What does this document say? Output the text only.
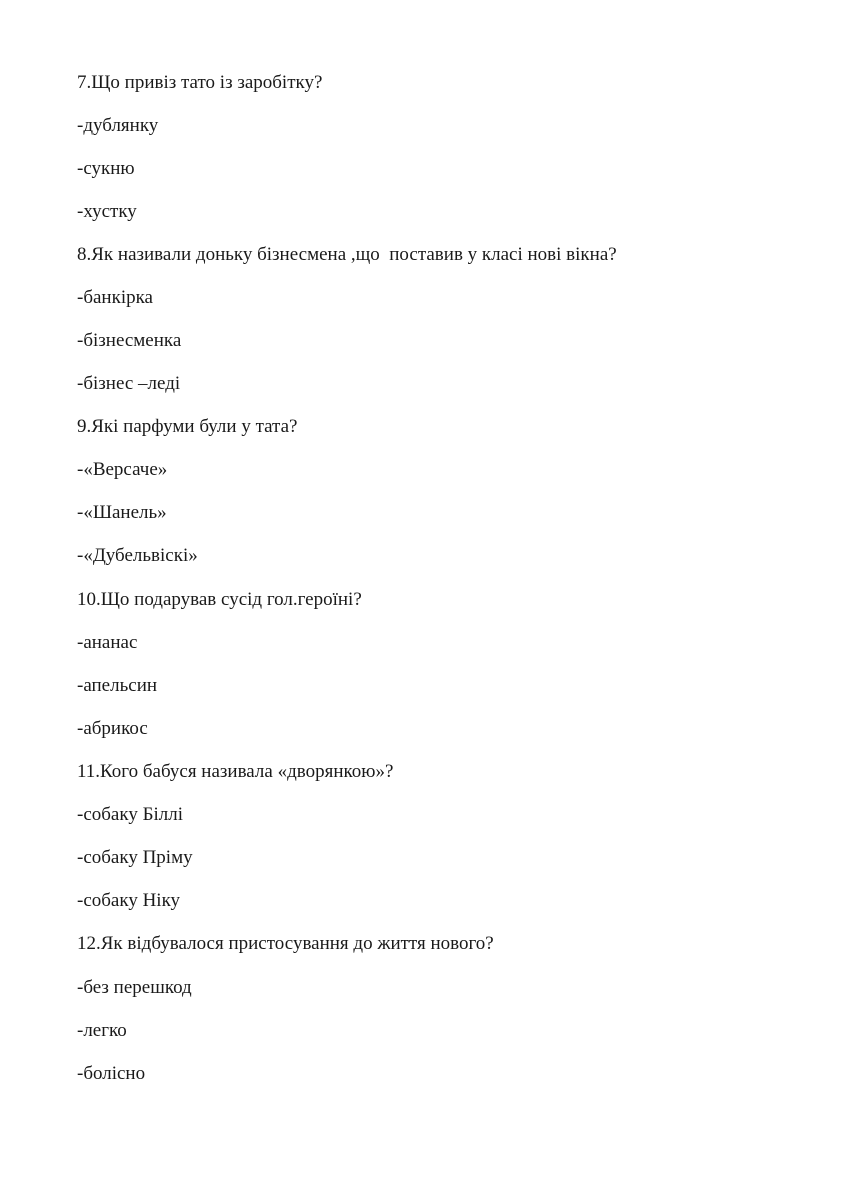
7.Що привіз тато із заробітку?

-дублянку

-сукню

-хустку

8.Як називали доньку бізнесмена ,що  поставив у класі нові вікна?

-банкірка

-бізнесменка

-бізнес –леді

9.Які парфуми були у тата?

-«Версаче»

-«Шанель»

-«Дубельвіскі»

10.Що подарував сусід гол.героїні?

-ананас

-апельсин

-абрикос

11.Кого бабуся називала «дворянкою»?

-собаку Біллі

-собаку Пріму

-собаку Ніку

12.Як відбувалося пристосування до життя нового?

-без перешкод

-легко

-болісно
